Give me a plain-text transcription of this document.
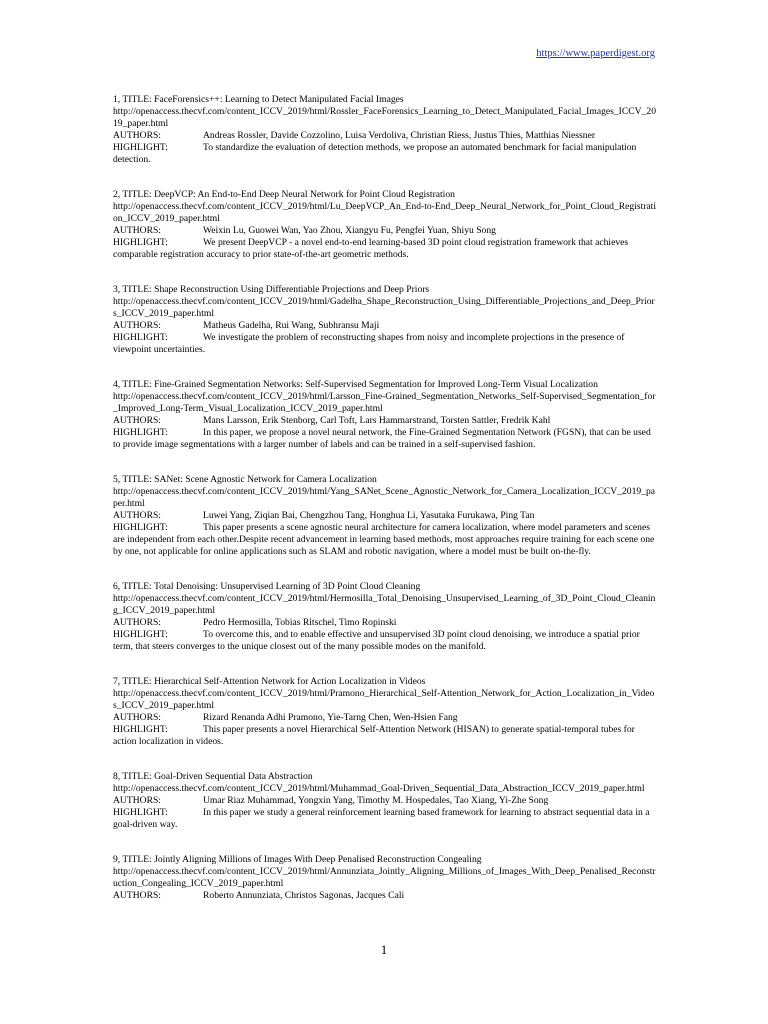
https://www.paperdigest.org
1, TITLE: FaceForensics++: Learning to Detect Manipulated Facial Images
http://openaccess.thecvf.com/content_ICCV_2019/html/Rossler_FaceForensics_Learning_to_Detect_Manipulated_Facial_Images_ICCV_2019_paper.html
AUTHORS:	Andreas Rossler, Davide Cozzolino, Luisa Verdoliva, Christian Riess, Justus Thies, Matthias Niessner
HIGHLIGHT:	To standardize the evaluation of detection methods, we propose an automated benchmark for facial manipulation detection.
2, TITLE: DeepVCP: An End-to-End Deep Neural Network for Point Cloud Registration
http://openaccess.thecvf.com/content_ICCV_2019/html/Lu_DeepVCP_An_End-to-End_Deep_Neural_Network_for_Point_Cloud_Registration_ICCV_2019_paper.html
AUTHORS:	Weixin Lu, Guowei Wan, Yao Zhou, Xiangyu Fu, Pengfei Yuan, Shiyu Song
HIGHLIGHT:	We present DeepVCP - a novel end-to-end learning-based 3D point cloud registration framework that achieves comparable registration accuracy to prior state-of-the-art geometric methods.
3, TITLE: Shape Reconstruction Using Differentiable Projections and Deep Priors
http://openaccess.thecvf.com/content_ICCV_2019/html/Gadelha_Shape_Reconstruction_Using_Differentiable_Projections_and_Deep_Priors_ICCV_2019_paper.html
AUTHORS:	Matheus Gadelha, Rui Wang, Subhransu Maji
HIGHLIGHT:	We investigate the problem of reconstructing shapes from noisy and incomplete projections in the presence of viewpoint uncertainties.
4, TITLE: Fine-Grained Segmentation Networks: Self-Supervised Segmentation for Improved Long-Term Visual Localization
http://openaccess.thecvf.com/content_ICCV_2019/html/Larsson_Fine-Grained_Segmentation_Networks_Self-Supervised_Segmentation_for_Improved_Long-Term_Visual_Localization_ICCV_2019_paper.html
AUTHORS:	Mans Larsson, Erik Stenborg, Carl Toft, Lars Hammarstrand, Torsten Sattler, Fredrik Kahl
HIGHLIGHT:	In this paper, we propose a novel neural network, the Fine-Grained Segmentation Network (FGSN), that can be used to provide image segmentations with a larger number of labels and can be trained in a self-supervised fashion.
5, TITLE: SANet: Scene Agnostic Network for Camera Localization
http://openaccess.thecvf.com/content_ICCV_2019/html/Yang_SANet_Scene_Agnostic_Network_for_Camera_Localization_ICCV_2019_paper.html
AUTHORS:	Luwei Yang, Ziqian Bai, Chengzhou Tang, Honghua Li, Yasutaka Furukawa, Ping Tan
HIGHLIGHT:	This paper presents a scene agnostic neural architecture for camera localization, where model parameters and scenes are independent from each other.Despite recent advancement in learning based methods, most approaches require training for each scene one by one, not applicable for online applications such as SLAM and robotic navigation, where a model must be built on-the-fly.
6, TITLE: Total Denoising: Unsupervised Learning of 3D Point Cloud Cleaning
http://openaccess.thecvf.com/content_ICCV_2019/html/Hermosilla_Total_Denoising_Unsupervised_Learning_of_3D_Point_Cloud_Cleaning_ICCV_2019_paper.html
AUTHORS:	Pedro Hermosilla, Tobias Ritschel, Timo Ropinski
HIGHLIGHT:	To overcome this, and to enable effective and unsupervised 3D point cloud denoising, we introduce a spatial prior term, that steers converges to the unique closest out of the many possible modes on the manifold.
7, TITLE: Hierarchical Self-Attention Network for Action Localization in Videos
http://openaccess.thecvf.com/content_ICCV_2019/html/Pramono_Hierarchical_Self-Attention_Network_for_Action_Localization_in_Videos_ICCV_2019_paper.html
AUTHORS:	Rizard Renanda Adhi Pramono, Yie-Tarng Chen, Wen-Hsien Fang
HIGHLIGHT:	This paper presents a novel Hierarchical Self-Attention Network (HISAN) to generate spatial-temporal tubes for action localization in videos.
8, TITLE: Goal-Driven Sequential Data Abstraction
http://openaccess.thecvf.com/content_ICCV_2019/html/Muhammad_Goal-Driven_Sequential_Data_Abstraction_ICCV_2019_paper.html
AUTHORS:	Umar Riaz Muhammad, Yongxin Yang, Timothy M. Hospedales, Tao Xiang, Yi-Zhe Song
HIGHLIGHT:	In this paper we study a general reinforcement learning based framework for learning to abstract sequential data in a goal-driven way.
9, TITLE: Jointly Aligning Millions of Images With Deep Penalised Reconstruction Congealing
http://openaccess.thecvf.com/content_ICCV_2019/html/Annunziata_Jointly_Aligning_Millions_of_Images_With_Deep_Penalised_Reconstruction_Congealing_ICCV_2019_paper.html
AUTHORS:	Roberto Annunziata, Christos Sagonas, Jacques Cali
1
